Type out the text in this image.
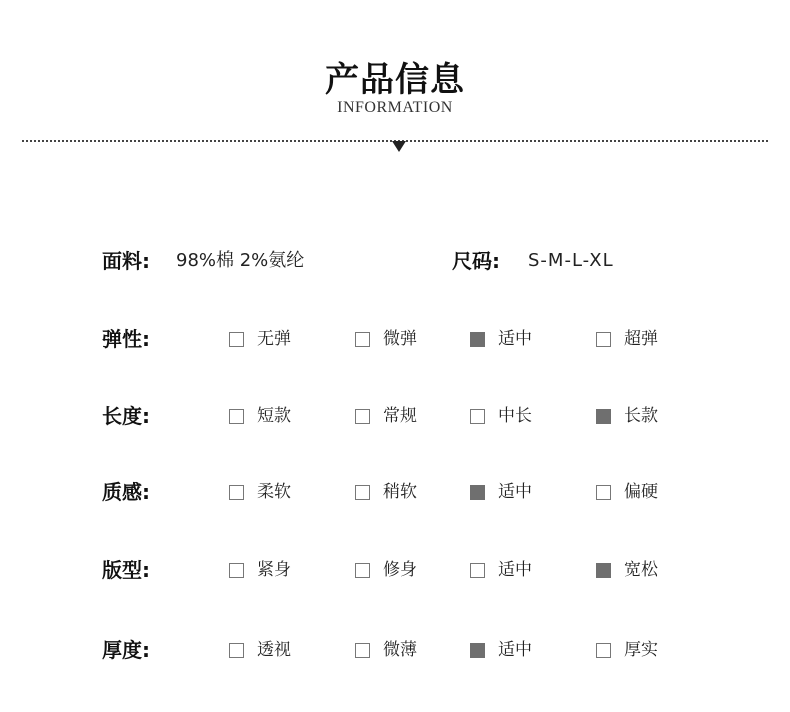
产品信息
INFORMATION
面料: 98%棉 2%氨纶	尺码: S-M-L-XL
弹性:	无弹	微弹	适中	超弹
长度:	短款	常规	中长	长款
质感:	柔软	稍软	适中	偏硬
版型:	紧身	修身	适中	宽松
厚度:	透视	微薄	适中	厚实
